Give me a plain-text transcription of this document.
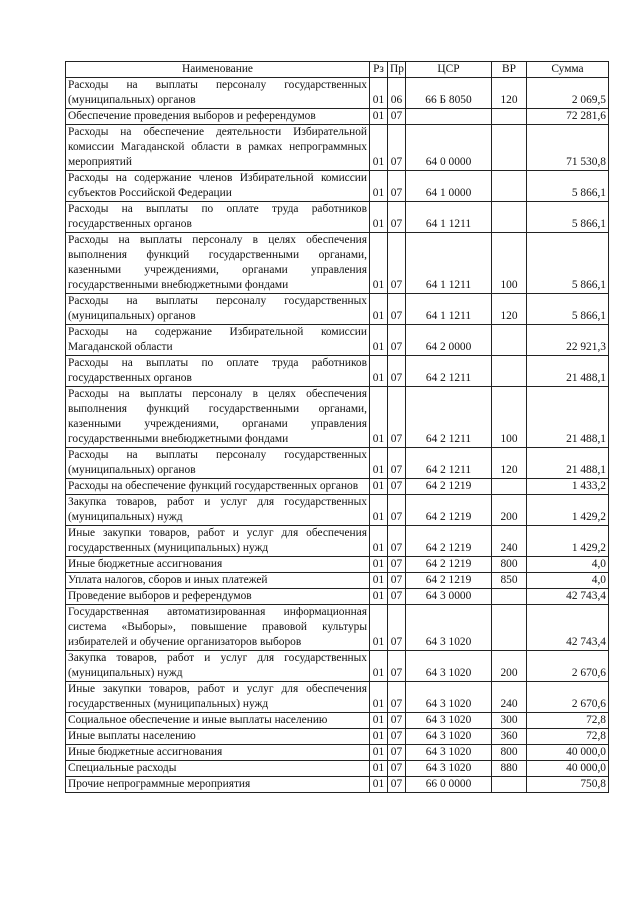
Наименование	Рз	Пр	ЦСР	ВР	Сумма
Расходы на выплаты персоналу государственных (муниципальных) органов	01	06	66 Б 8050	120	2 069,5
Обеспечение проведения выборов и референдумов	01	07			72 281,6
Расходы на обеспечение деятельности Избирательной комиссии Магаданской области в рамках непрограммных мероприятий	01	07	64 0 0000		71 530,8
Расходы на содержание членов Избирательной комиссии субъектов Российской Федерации	01	07	64 1 0000		5 866,1
Расходы на выплаты по оплате труда работников государственных органов	01	07	64 1 1211		5 866,1
Расходы на выплаты персоналу в целях обеспечения выполнения функций государственными органами, казенными учреждениями, органами управления государственными внебюджетными фондами	01	07	64 1 1211	100	5 866,1
Расходы на выплаты персоналу государственных (муниципальных) органов	01	07	64 1 1211	120	5 866,1
Расходы на содержание Избирательной комиссии Магаданской области	01	07	64 2 0000		22 921,3
Расходы на выплаты по оплате труда работников государственных органов	01	07	64 2 1211		21 488,1
Расходы на выплаты персоналу в целях обеспечения выполнения функций государственными органами, казенными учреждениями, органами управления государственными внебюджетными фондами	01	07	64 2 1211	100	21 488,1
Расходы на выплаты персоналу государственных (муниципальных) органов	01	07	64 2 1211	120	21 488,1
Расходы на обеспечение функций государственных органов	01	07	64 2 1219		1 433,2
Закупка товаров, работ и услуг для государственных (муниципальных) нужд	01	07	64 2 1219	200	1 429,2
Иные закупки товаров, работ и услуг для обеспечения государственных (муниципальных) нужд	01	07	64 2 1219	240	1 429,2
Иные бюджетные ассигнования	01	07	64 2 1219	800	4,0
Уплата налогов, сборов и иных платежей	01	07	64 2 1219	850	4,0
Проведение выборов и референдумов	01	07	64 3 0000		42 743,4
Государственная автоматизированная информационная система «Выборы», повышение правовой культуры избирателей и обучение организаторов выборов	01	07	64 3 1020		42 743,4
Закупка товаров, работ и услуг для государственных (муниципальных) нужд	01	07	64 3 1020	200	2 670,6
Иные закупки товаров, работ и услуг для обеспечения государственных (муниципальных) нужд	01	07	64 3 1020	240	2 670,6
Социальное обеспечение и иные выплаты населению	01	07	64 3 1020	300	72,8
Иные выплаты населению	01	07	64 3 1020	360	72,8
Иные бюджетные ассигнования	01	07	64 3 1020	800	40 000,0
Специальные расходы	01	07	64 3 1020	880	40 000,0
Прочие непрограммные мероприятия	01	07	66 0 0000		750,8
